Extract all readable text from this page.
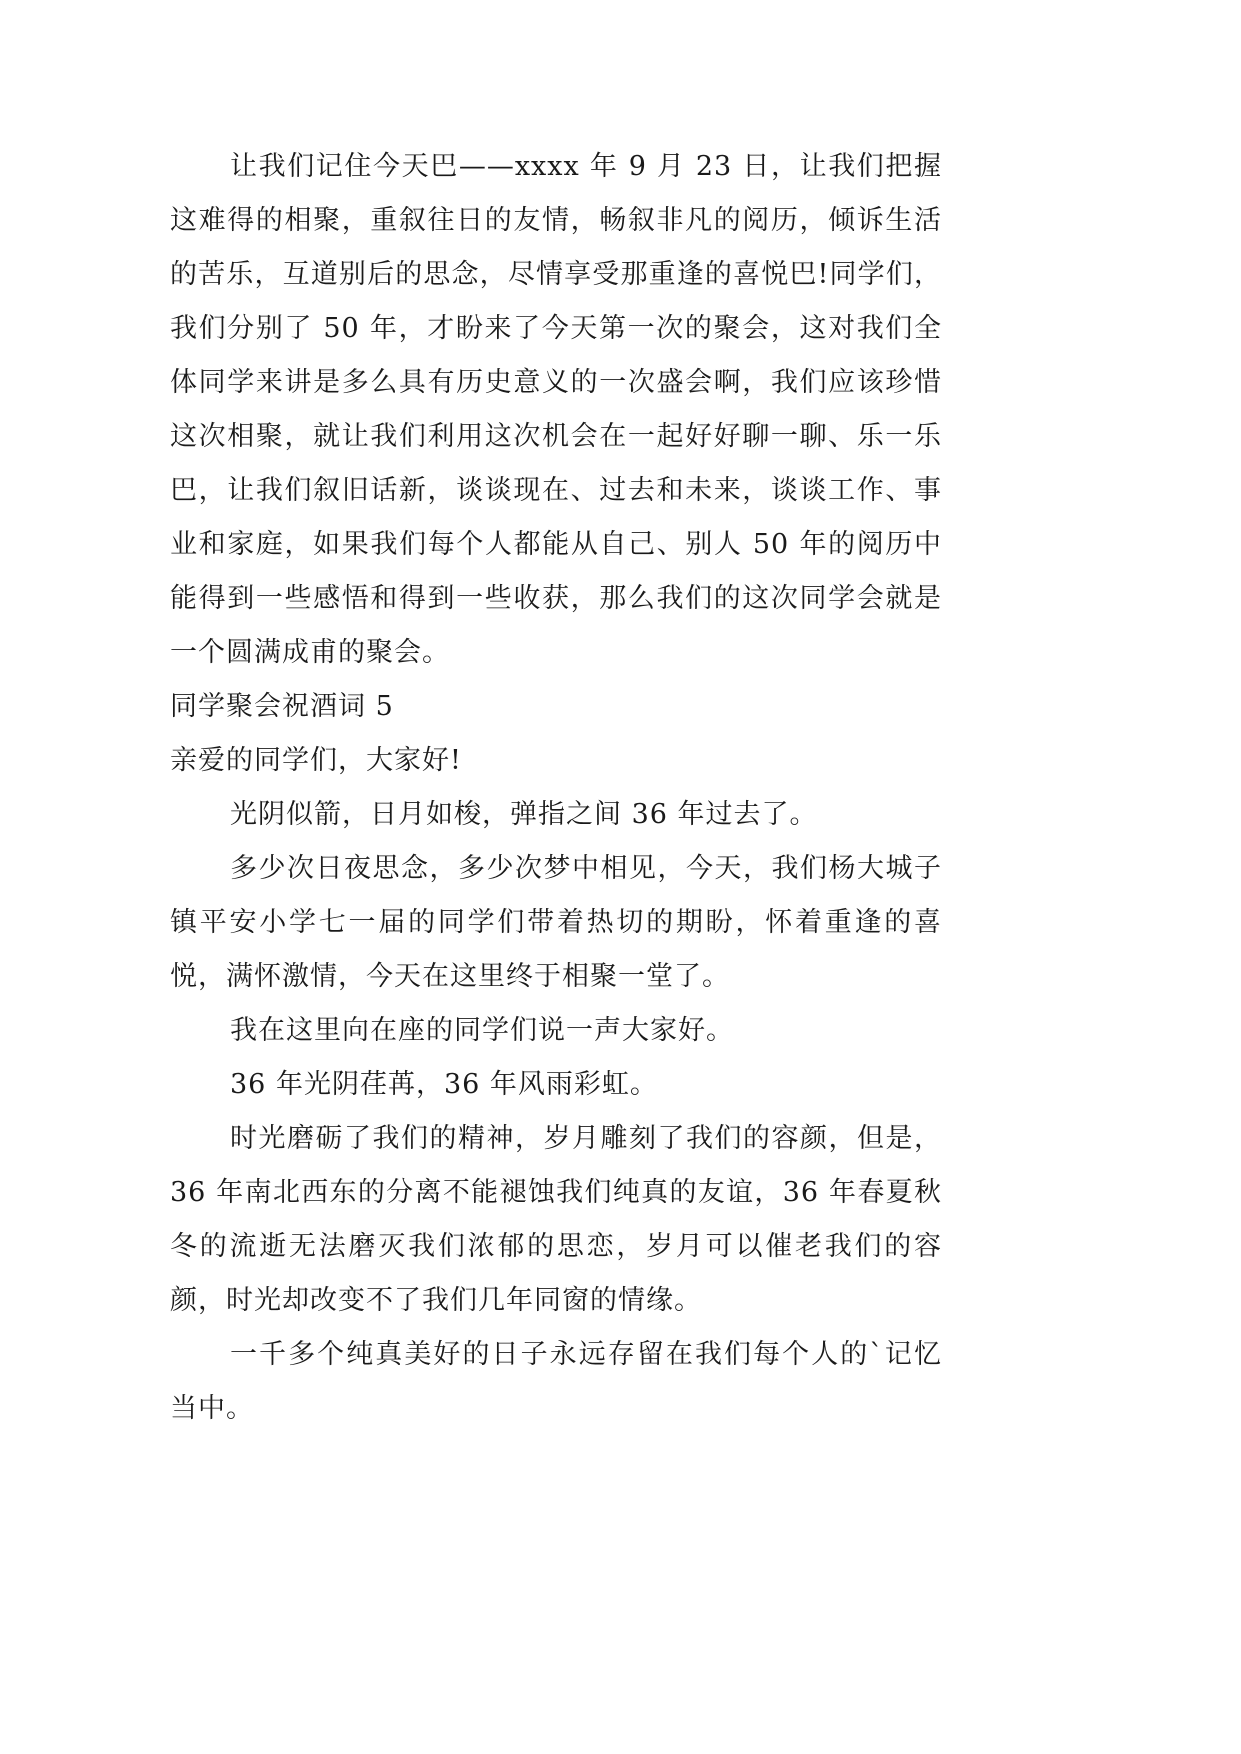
让我们记住今天巴——xxxx 年 9 月 23 日，让我们把握这难得的相聚，重叙往日的友情，畅叙非凡的阅历，倾诉生活的苦乐，互道别后的思念，尽情享受那重逢的喜悦巴!同学们，我们分别了 50 年，才盼来了今天第一次的聚会，这对我们全体同学来讲是多么具有历史意义的一次盛会啊，我们应该珍惜这次相聚，就让我们利用这次机会在一起好好聊一聊、乐一乐巴，让我们叙旧话新，谈谈现在、过去和未来，谈谈工作、事业和家庭，如果我们每个人都能从自己、别人 50 年的阅历中能得到一些感悟和得到一些收获，那么我们的这次同学会就是一个圆满成甫的聚会。

同学聚会祝酒词 5

亲爱的同学们，大家好!

光阴似箭，日月如梭，弹指之间 36 年过去了。

多少次日夜思念，多少次梦中相见，今天，我们杨大城子镇平安小学七一届的同学们带着热切的期盼，怀着重逢的喜悦，满怀激情，今天在这里终于相聚一堂了。

我在这里向在座的同学们说一声大家好。

36 年光阴荏苒，36 年风雨彩虹。

时光磨砺了我们的精神，岁月雕刻了我们的容颜，但是，36 年南北西东的分离不能褪蚀我们纯真的友谊，36 年春夏秋冬的流逝无法磨灭我们浓郁的思恋，岁月可以催老我们的容颜，时光却改变不了我们几年同窗的情缘。

一千多个纯真美好的日子永远存留在我们每个人的`记忆当中。
